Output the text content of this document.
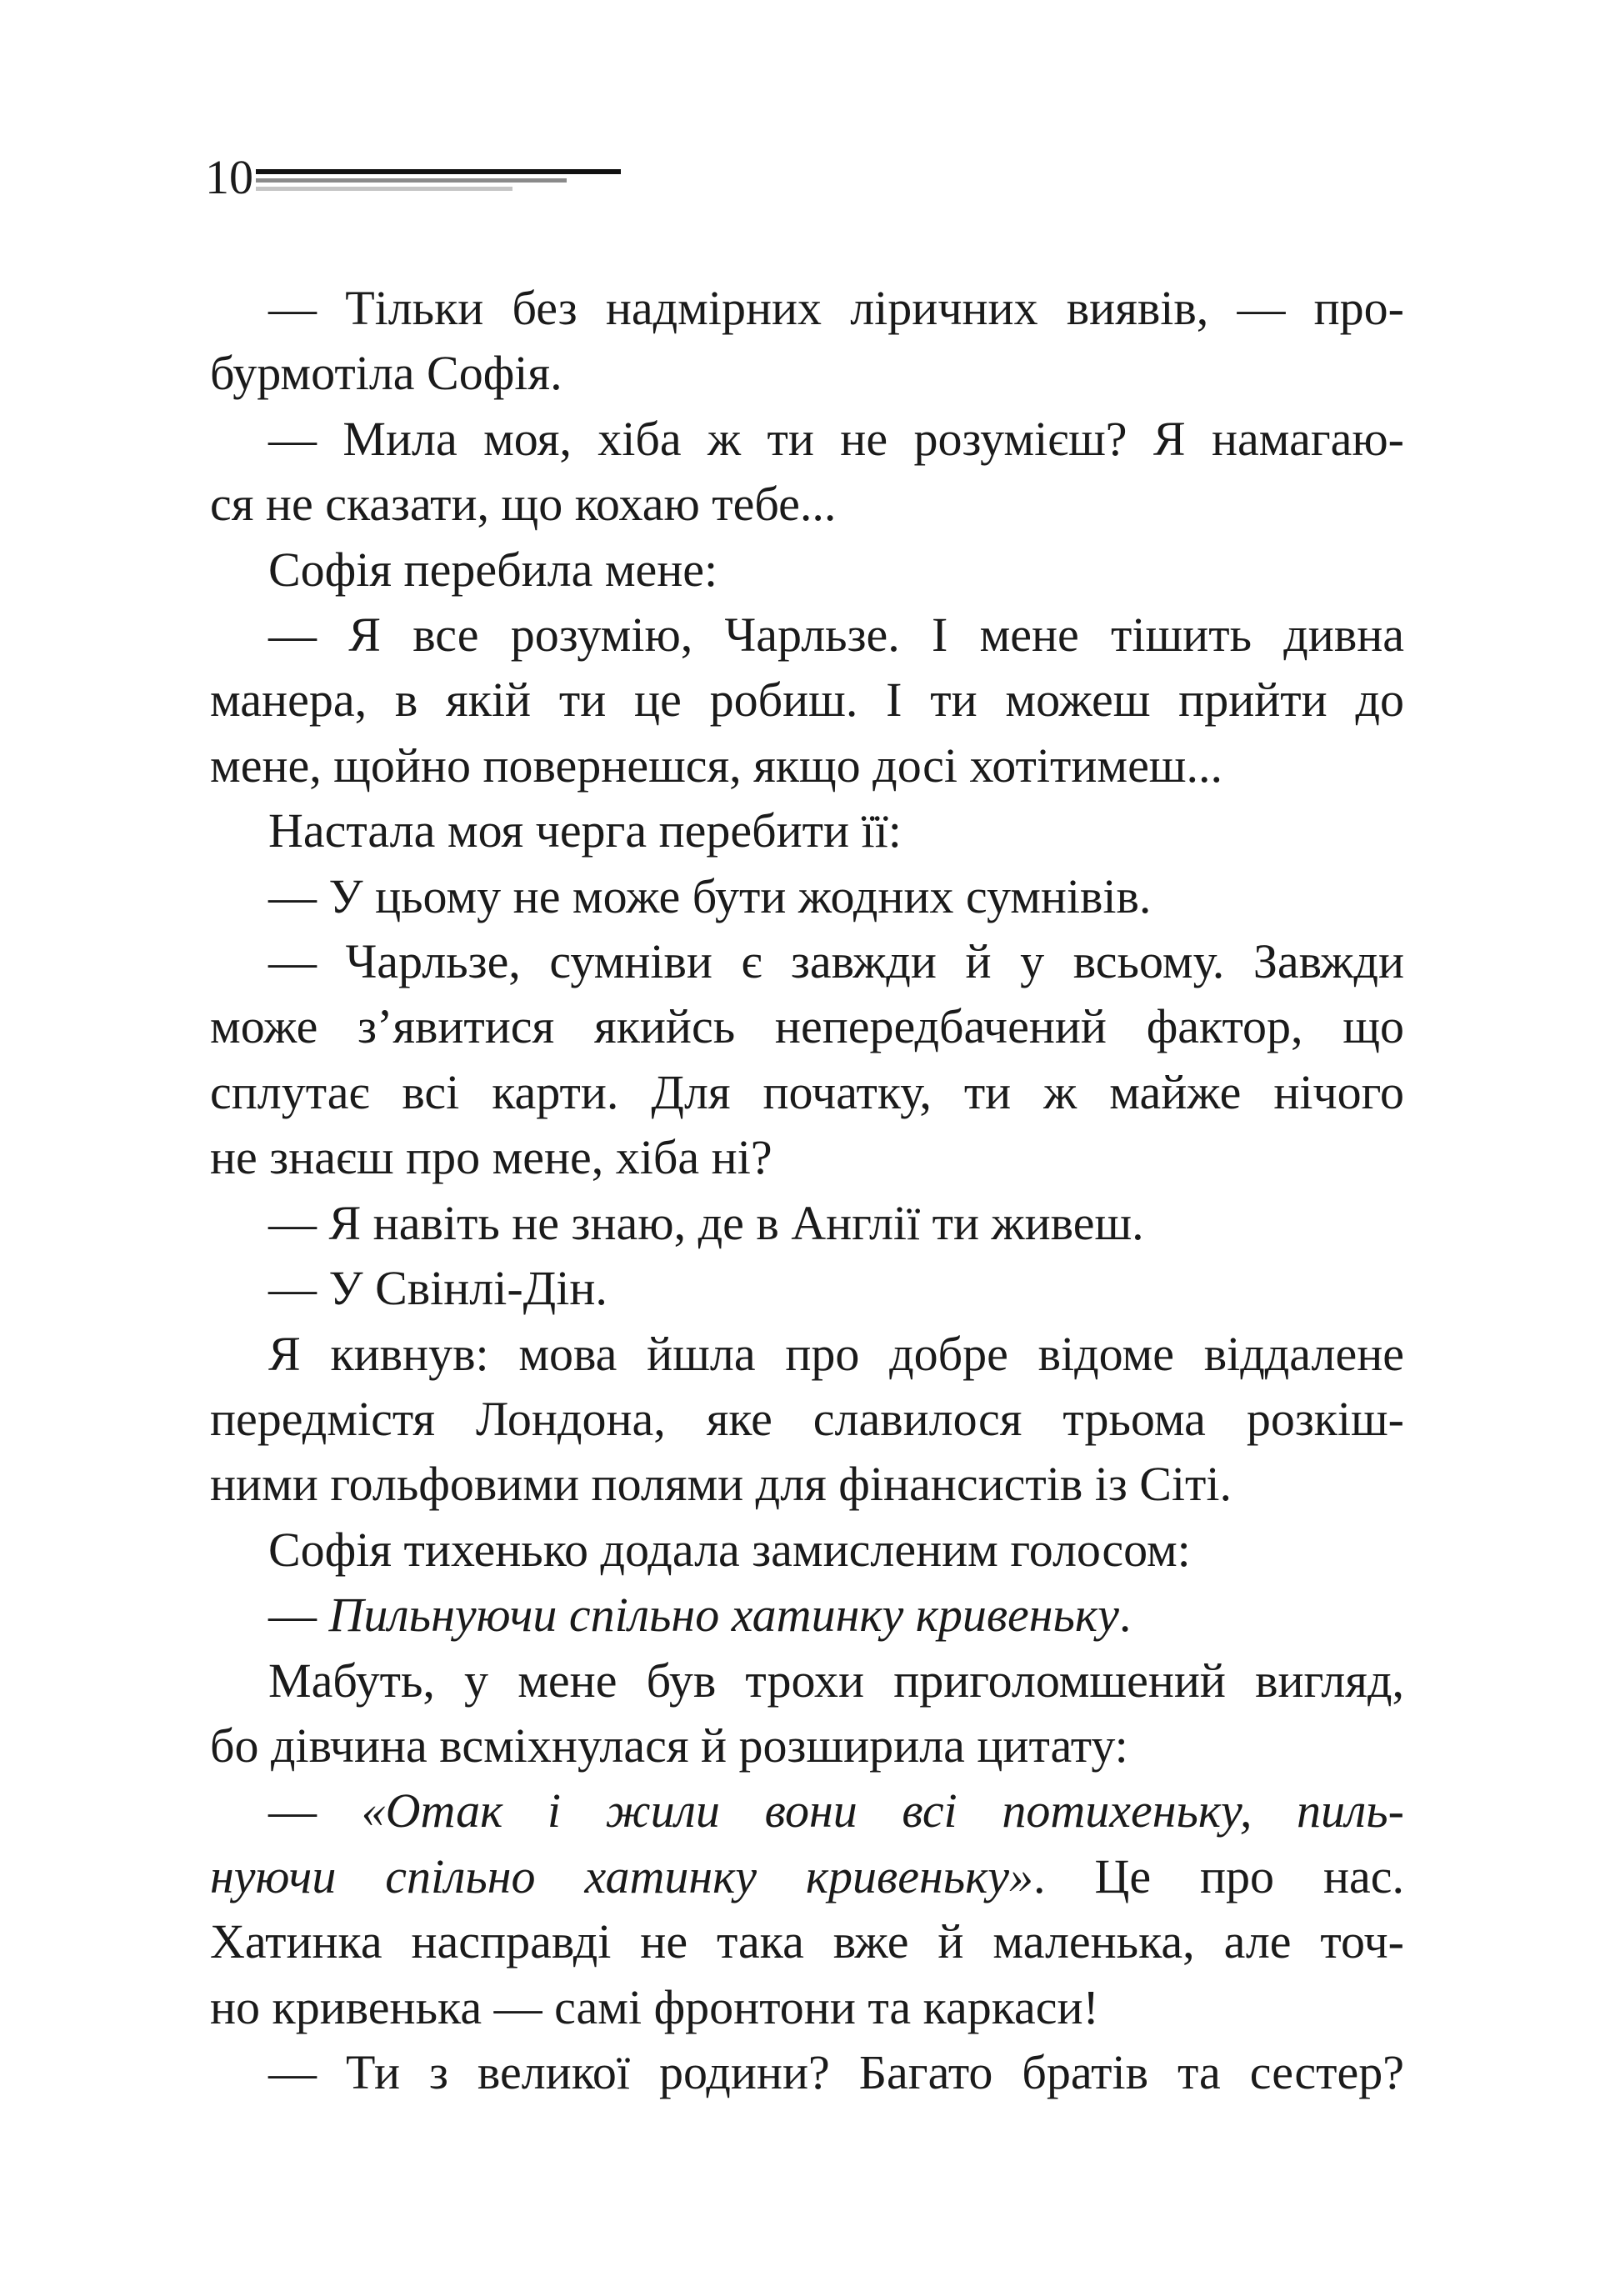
10
— Тільки без надмірних ліричних виявів, — про-
бурмотіла Софія.
— Мила моя, хіба ж ти не розумієш? Я намагаю-
ся не сказати, що кохаю тебе...
Софія перебила мене:
— Я все розумію, Чарльзе. І мене тішить дивна
манера, в якій ти це робиш. І ти можеш прийти до
мене, щойно повернешся, якщо досі хотітимеш...
Настала моя черга перебити її:
— У цьому не може бути жодних сумнівів.
— Чарльзе, сумніви є завжди й у всьому. Завжди
може з’явитися якийсь непередбачений фактор, що
сплутає всі карти. Для початку, ти ж майже нічого
не знаєш про мене, хіба ні?
— Я навіть не знаю, де в Англії ти живеш.
— У Свінлі-Дін.
Я кивнув: мова йшла про добре відоме віддалене
передмістя Лондона, яке славилося трьома розкіш-
ними гольфовими полями для фінансистів із Сіті.
Софія тихенько додала замисленим голосом:
— Пильнуючи спільно хатинку кривеньку.
Мабуть, у мене був трохи приголомшений вигляд,
бо дівчина всміхнулася й розширила цитату:
— «Отак і жили вони всі потихеньку, пиль-
нуючи спільно хатинку кривеньку». Це про нас.
Хатинка насправді не така вже й маленька, але точ-
но кривенька — самі фронтони та каркаси!
— Ти з великої родини? Багато братів та сестер?
